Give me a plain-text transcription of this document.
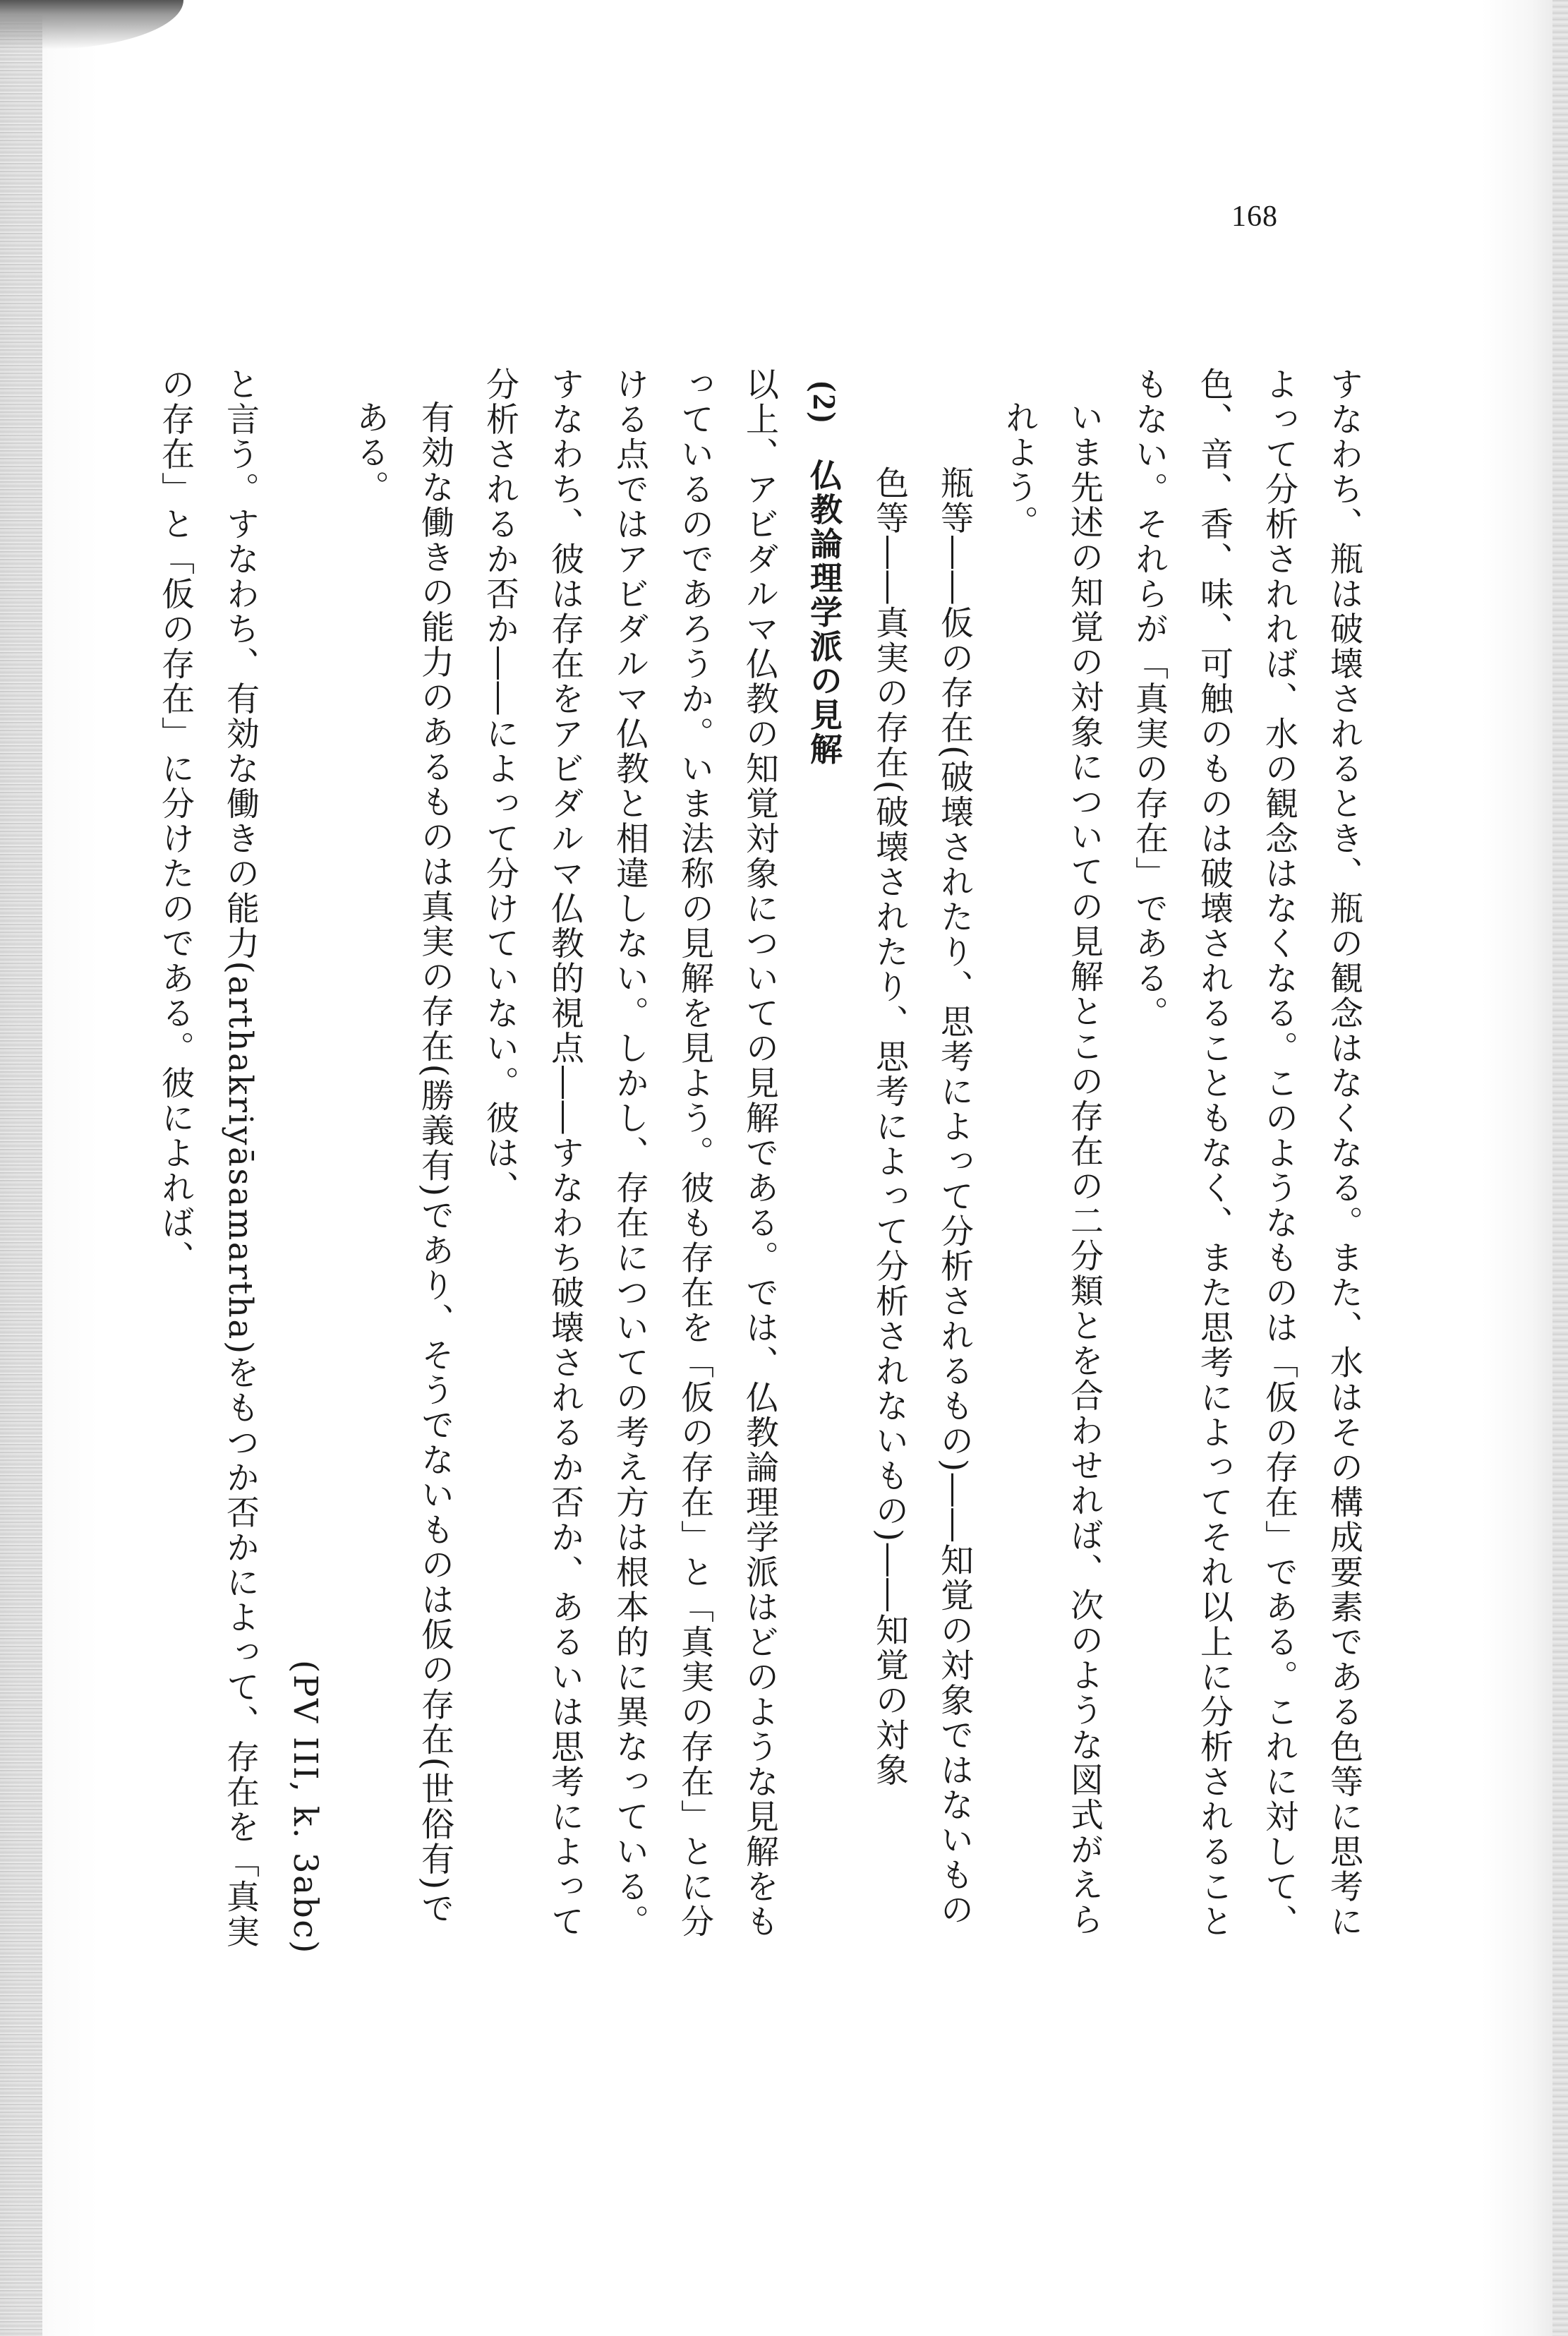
168

すなわち、瓶は破壊されるとき、瓶の観念はなくなる。また、水はその構成要素である色等に思考によって分析されれば、水の観念はなくなる。このようなものは「仮の存在」である。これに対して、色、音、香、味、可触のものは破壊されることもなく、また思考によってそれ以上に分析されることもない。それらが「真実の存在」である。

いま先述の知覚の対象についての見解とこの存在の二分類とを合わせれば、次のような図式がえられよう。

瓶等――仮の存在(破壊されたり、思考によって分析されるもの)――知覚の対象ではないもの

色等――真実の存在(破壊されたり、思考によって分析されないもの)――知覚の対象

(2)　仏教論理学派の見解

以上、アビダルマ仏教の知覚対象についての見解である。では、仏教論理学派はどのような見解をもっているのであろうか。いま法称の見解を見よう。彼も存在を「仮の存在」と「真実の存在」とに分ける点ではアビダルマ仏教と相違しない。しかし、存在についての考え方は根本的に異なっている。すなわち、彼は存在をアビダルマ仏教的視点――すなわち破壊されるか否か、あるいは思考によって分析されるか否か――によって分けていない。彼は、

有効な働きの能力のあるものは真実の存在(勝義有)であり、そうでないものは仮の存在(世俗有)である。

(PV III, k. 3abc)

と言う。すなわち、有効な働きの能力(arthakriyāsamartha)をもつか否かによって、存在を「真実の存在」と「仮の存在」に分けたのである。彼によれば、
